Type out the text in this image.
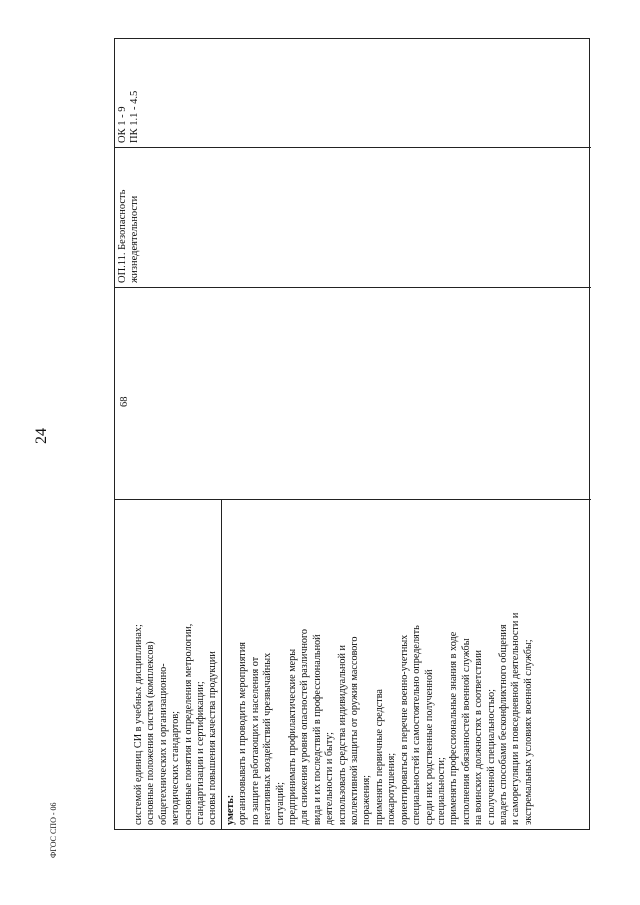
24
ФГОС СПО - 06
системой единиц СИ в учебных дисциплинах; основные положения систем (комплексов) общетехнических и организационно- методических стандартов; основные понятия и определения метрологии, стандартизации и сертификации; основы повышения качества продукции уметь: организовывать и проводить мероприятия по защите работающих и населения от негативных воздействий чрезвычайных ситуаций; предпринимать профилактические меры для снижения уровня опасностей различного вида и их последствий в профессиональной деятельности и быту; использовать средства индивидуальной и коллективной защиты от оружия массового поражения; применять первичные средства пожаротушения; ориентироваться в перечне военно-учетных специальностей и самостоятельно определять среди них родственные полученной специальности; применять профессиональные знания в ходе исполнения обязанностей военной службы на воинских должностях в соответствии с полученной специальностью; владеть способами бесконфликтного общения и саморегуляции в повседневной деятельности и экстремальных условиях военной службы;
68
ОП.11. Безопасность жизнедеятельности
ОК 1 - 9 ПК 1.1 - 4.5
